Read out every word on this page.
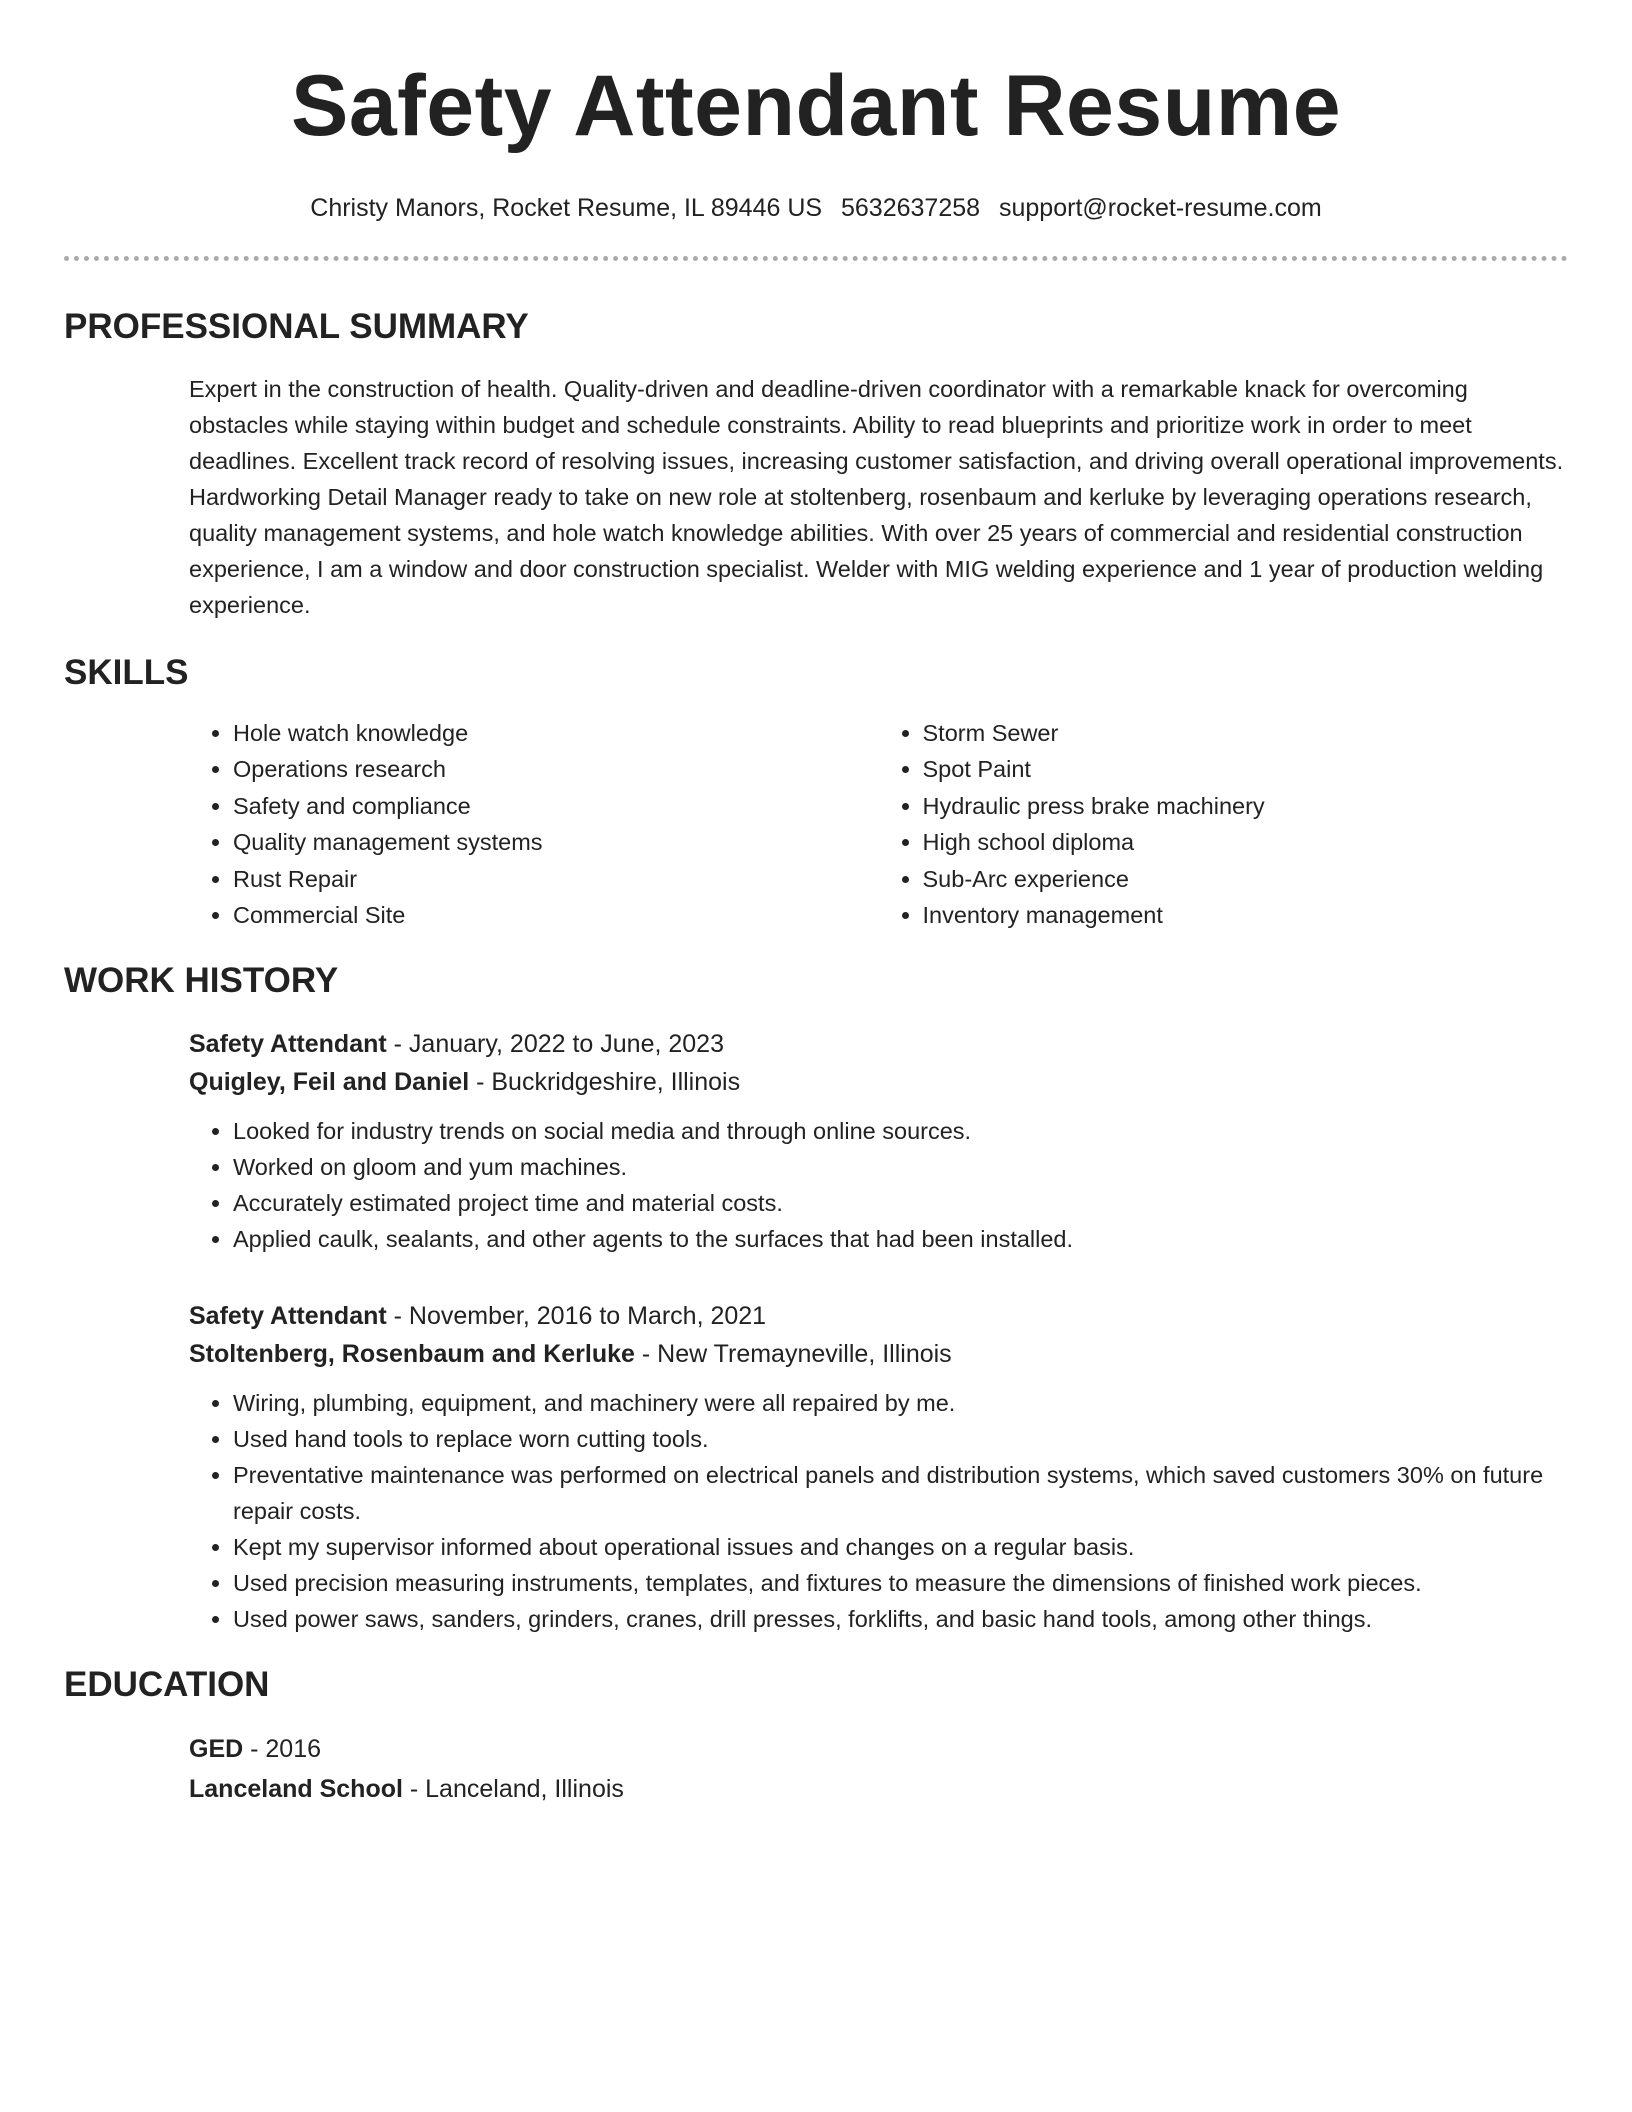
Safety Attendant Resume
Christy Manors, Rocket Resume, IL 89446 US 5632637258 support@rocket-resume.com
PROFESSIONAL SUMMARY
Expert in the construction of health. Quality-driven and deadline-driven coordinator with a remarkable knack for overcoming obstacles while staying within budget and schedule constraints. Ability to read blueprints and prioritize work in order to meet deadlines. Excellent track record of resolving issues, increasing customer satisfaction, and driving overall operational improvements. Hardworking Detail Manager ready to take on new role at stoltenberg, rosenbaum and kerluke by leveraging operations research, quality management systems, and hole watch knowledge abilities. With over 25 years of commercial and residential construction experience, I am a window and door construction specialist. Welder with MIG welding experience and 1 year of production welding experience.
SKILLS
• Hole watch knowledge
• Operations research
• Safety and compliance
• Quality management systems
• Rust Repair
• Commercial Site
• Storm Sewer
• Spot Paint
• Hydraulic press brake machinery
• High school diploma
• Sub-Arc experience
• Inventory management
WORK HISTORY
Safety Attendant - January, 2022 to June, 2023
Quigley, Feil and Daniel - Buckridgeshire, Illinois
• Looked for industry trends on social media and through online sources.
• Worked on gloom and yum machines.
• Accurately estimated project time and material costs.
• Applied caulk, sealants, and other agents to the surfaces that had been installed.
Safety Attendant - November, 2016 to March, 2021
Stoltenberg, Rosenbaum and Kerluke - New Tremayneville, Illinois
• Wiring, plumbing, equipment, and machinery were all repaired by me.
• Used hand tools to replace worn cutting tools.
• Preventative maintenance was performed on electrical panels and distribution systems, which saved customers 30% on future repair costs.
• Kept my supervisor informed about operational issues and changes on a regular basis.
• Used precision measuring instruments, templates, and fixtures to measure the dimensions of finished work pieces.
• Used power saws, sanders, grinders, cranes, drill presses, forklifts, and basic hand tools, among other things.
EDUCATION
GED - 2016
Lanceland School - Lanceland, Illinois
